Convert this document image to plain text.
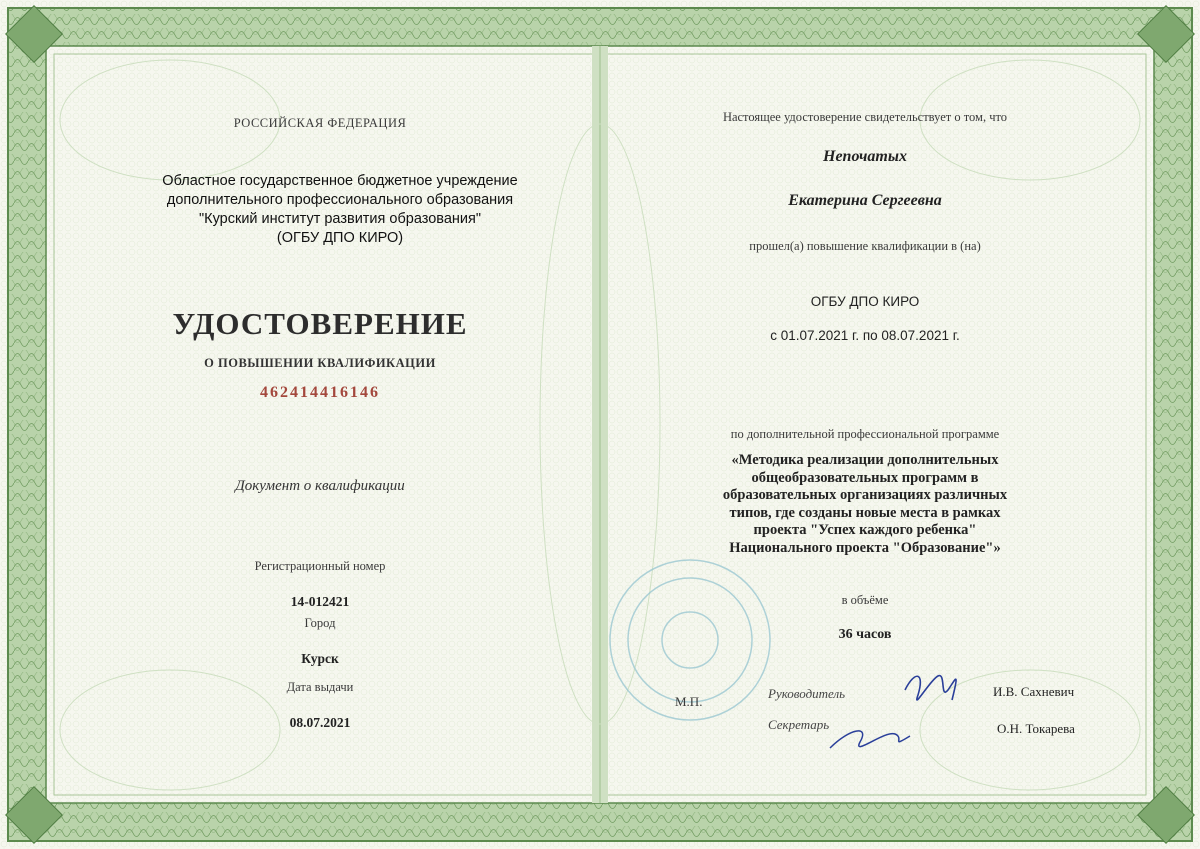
РОССИЙСКАЯ ФЕДЕРАЦИЯ
Областное государственное бюджетное учреждение
дополнительного профессионального образования
"Курский институт развития образования"
(ОГБУ ДПО КИРО)
УДОСТОВЕРЕНИЕ
О ПОВЫШЕНИИ КВАЛИФИКАЦИИ
462414416146
Документ о квалификации
Регистрационный номер
14-012421
Город
Курск
Дата выдачи
08.07.2021
Настоящее удостоверение свидетельствует о том, что
Непочатых
Екатерина Сергеевна
прошел(а) повышение квалификации в (на)
ОГБУ ДПО КИРО
с 01.07.2021 г. по 08.07.2021 г.
по дополнительной профессиональной программе
«Методика реализации дополнительных
общеобразовательных программ в
образовательных организациях различных
типов, где созданы новые места в рамках
проекта "Успех каждого ребенка"
Национального проекта "Образование"»
в объёме
36 часов
М.П.
Руководитель	И.В. Сахневич
Секретарь	О.Н. Токарева
